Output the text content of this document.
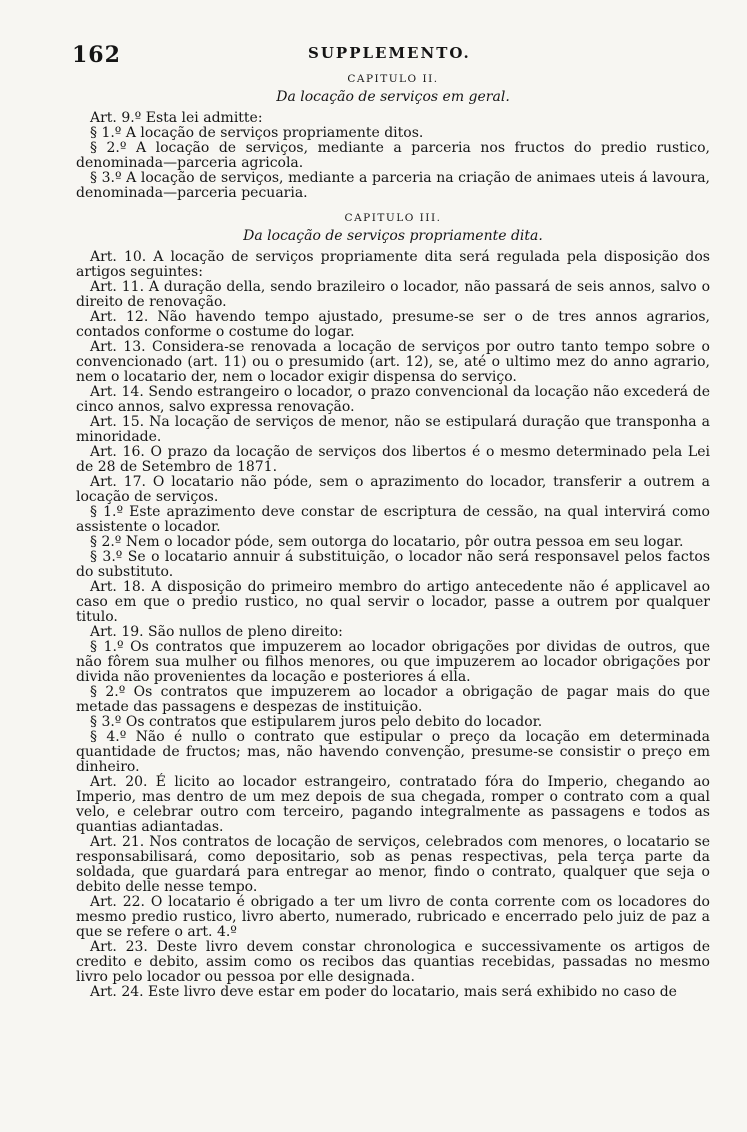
162	SUPPLEMENTO.
CAPITULO II.
Da locação de serviços em geral.

Art. 9.º Esta lei admitte:

§ 1.º A locação de serviços propriamente ditos.

§ 2.º A locação de serviços, mediante a parceria nos fructos do predio rustico, denominada—parceria agricola.

§ 3.º A locação de serviços, mediante a parceria na criação de animaes uteis á lavoura, denominada—parceria pecuaria.

CAPITULO III.
Da locação de serviços propriamente dita.

Art. 10. A locação de serviços propriamente dita será regulada pela disposição dos artigos seguintes:

Art. 11. A duração della, sendo brazileiro o locador, não passará de seis annos, salvo o direito de renovação.

Art. 12. Não havendo tempo ajustado, presume-se ser o de tres annos agrarios, contados conforme o costume do logar.

Art. 13. Considera-se renovada a locação de serviços por outro tanto tempo sobre o convencionado (art. 11) ou o presumido (art. 12), se, até o ultimo mez do anno agrario, nem o locatario der, nem o locador exigir dispensa do serviço.

Art. 14. Sendo estrangeiro o locador, o prazo convencional da locação não excederá de cinco annos, salvo expressa renovação.

Art. 15. Na locação de serviços de menor, não se estipulará duração que transponha a minoridade.

Art. 16. O prazo da locação de serviços dos libertos é o mesmo determinado pela Lei de 28 de Setembro de 1871.

Art. 17. O locatario não póde, sem o aprazimento do locador, transferir a outrem a locação de serviços.

§ 1.º Este aprazimento deve constar de escriptura de cessão, na qual intervirá como assistente o locador.

§ 2.º Nem o locador póde, sem outorga do locatario, pôr outra pessoa em seu logar.

§ 3.º Se o locatario annuir á substituição, o locador não será responsavel pelos factos do substituto.

Art. 18. A disposição do primeiro membro do artigo antecedente não é applicavel ao caso em que o predio rustico, no qual servir o locador, passe a outrem por qualquer titulo.

Art. 19. São nullos de pleno direito:

§ 1.º Os contratos que impuzerem ao locador obrigações por dividas de outros, que não fôrem sua mulher ou filhos menores, ou que impuzerem ao locador obrigações por divida não provenientes da locação e posteriores á ella.

§ 2.º Os contratos que impuzerem ao locador a obrigação de pagar mais do que metade das passagens e despezas de instituição.

§ 3.º Os contratos que estipularem juros pelo debito do locador.

§ 4.º Não é nullo o contrato que estipular o preço da locação em determinada quantidade de fructos; mas, não havendo convenção, presume-se consistir o preço em dinheiro.

Art. 20. É licito ao locador estrangeiro, contratado fóra do Imperio, chegando ao Imperio, mas dentro de um mez depois de sua chegada, romper o contrato com a qual velo, e celebrar outro com terceiro, pagando integralmente as passagens e todos as quantias adiantadas.

Art. 21. Nos contratos de locação de serviços, celebrados com menores, o locatario se responsabilisará, como depositario, sob as penas respectivas, pela terça parte da soldada, que guardará para entregar ao menor, findo o contrato, qualquer que seja o debito delle nesse tempo.

Art. 22. O locatario é obrigado a ter um livro de conta corrente com os locadores do mesmo predio rustico, livro aberto, numerado, rubricado e encerrado pelo juiz de paz a que se refere o art. 4.º

Art. 23. Deste livro devem constar chronologica e successivamente os artigos de credito e debito, assim como os recibos das quantias recebidas, passadas no mesmo livro pelo locador ou pessoa por elle designada.

Art. 24. Este livro deve estar em poder do locatario, mais será exhibido no caso de
